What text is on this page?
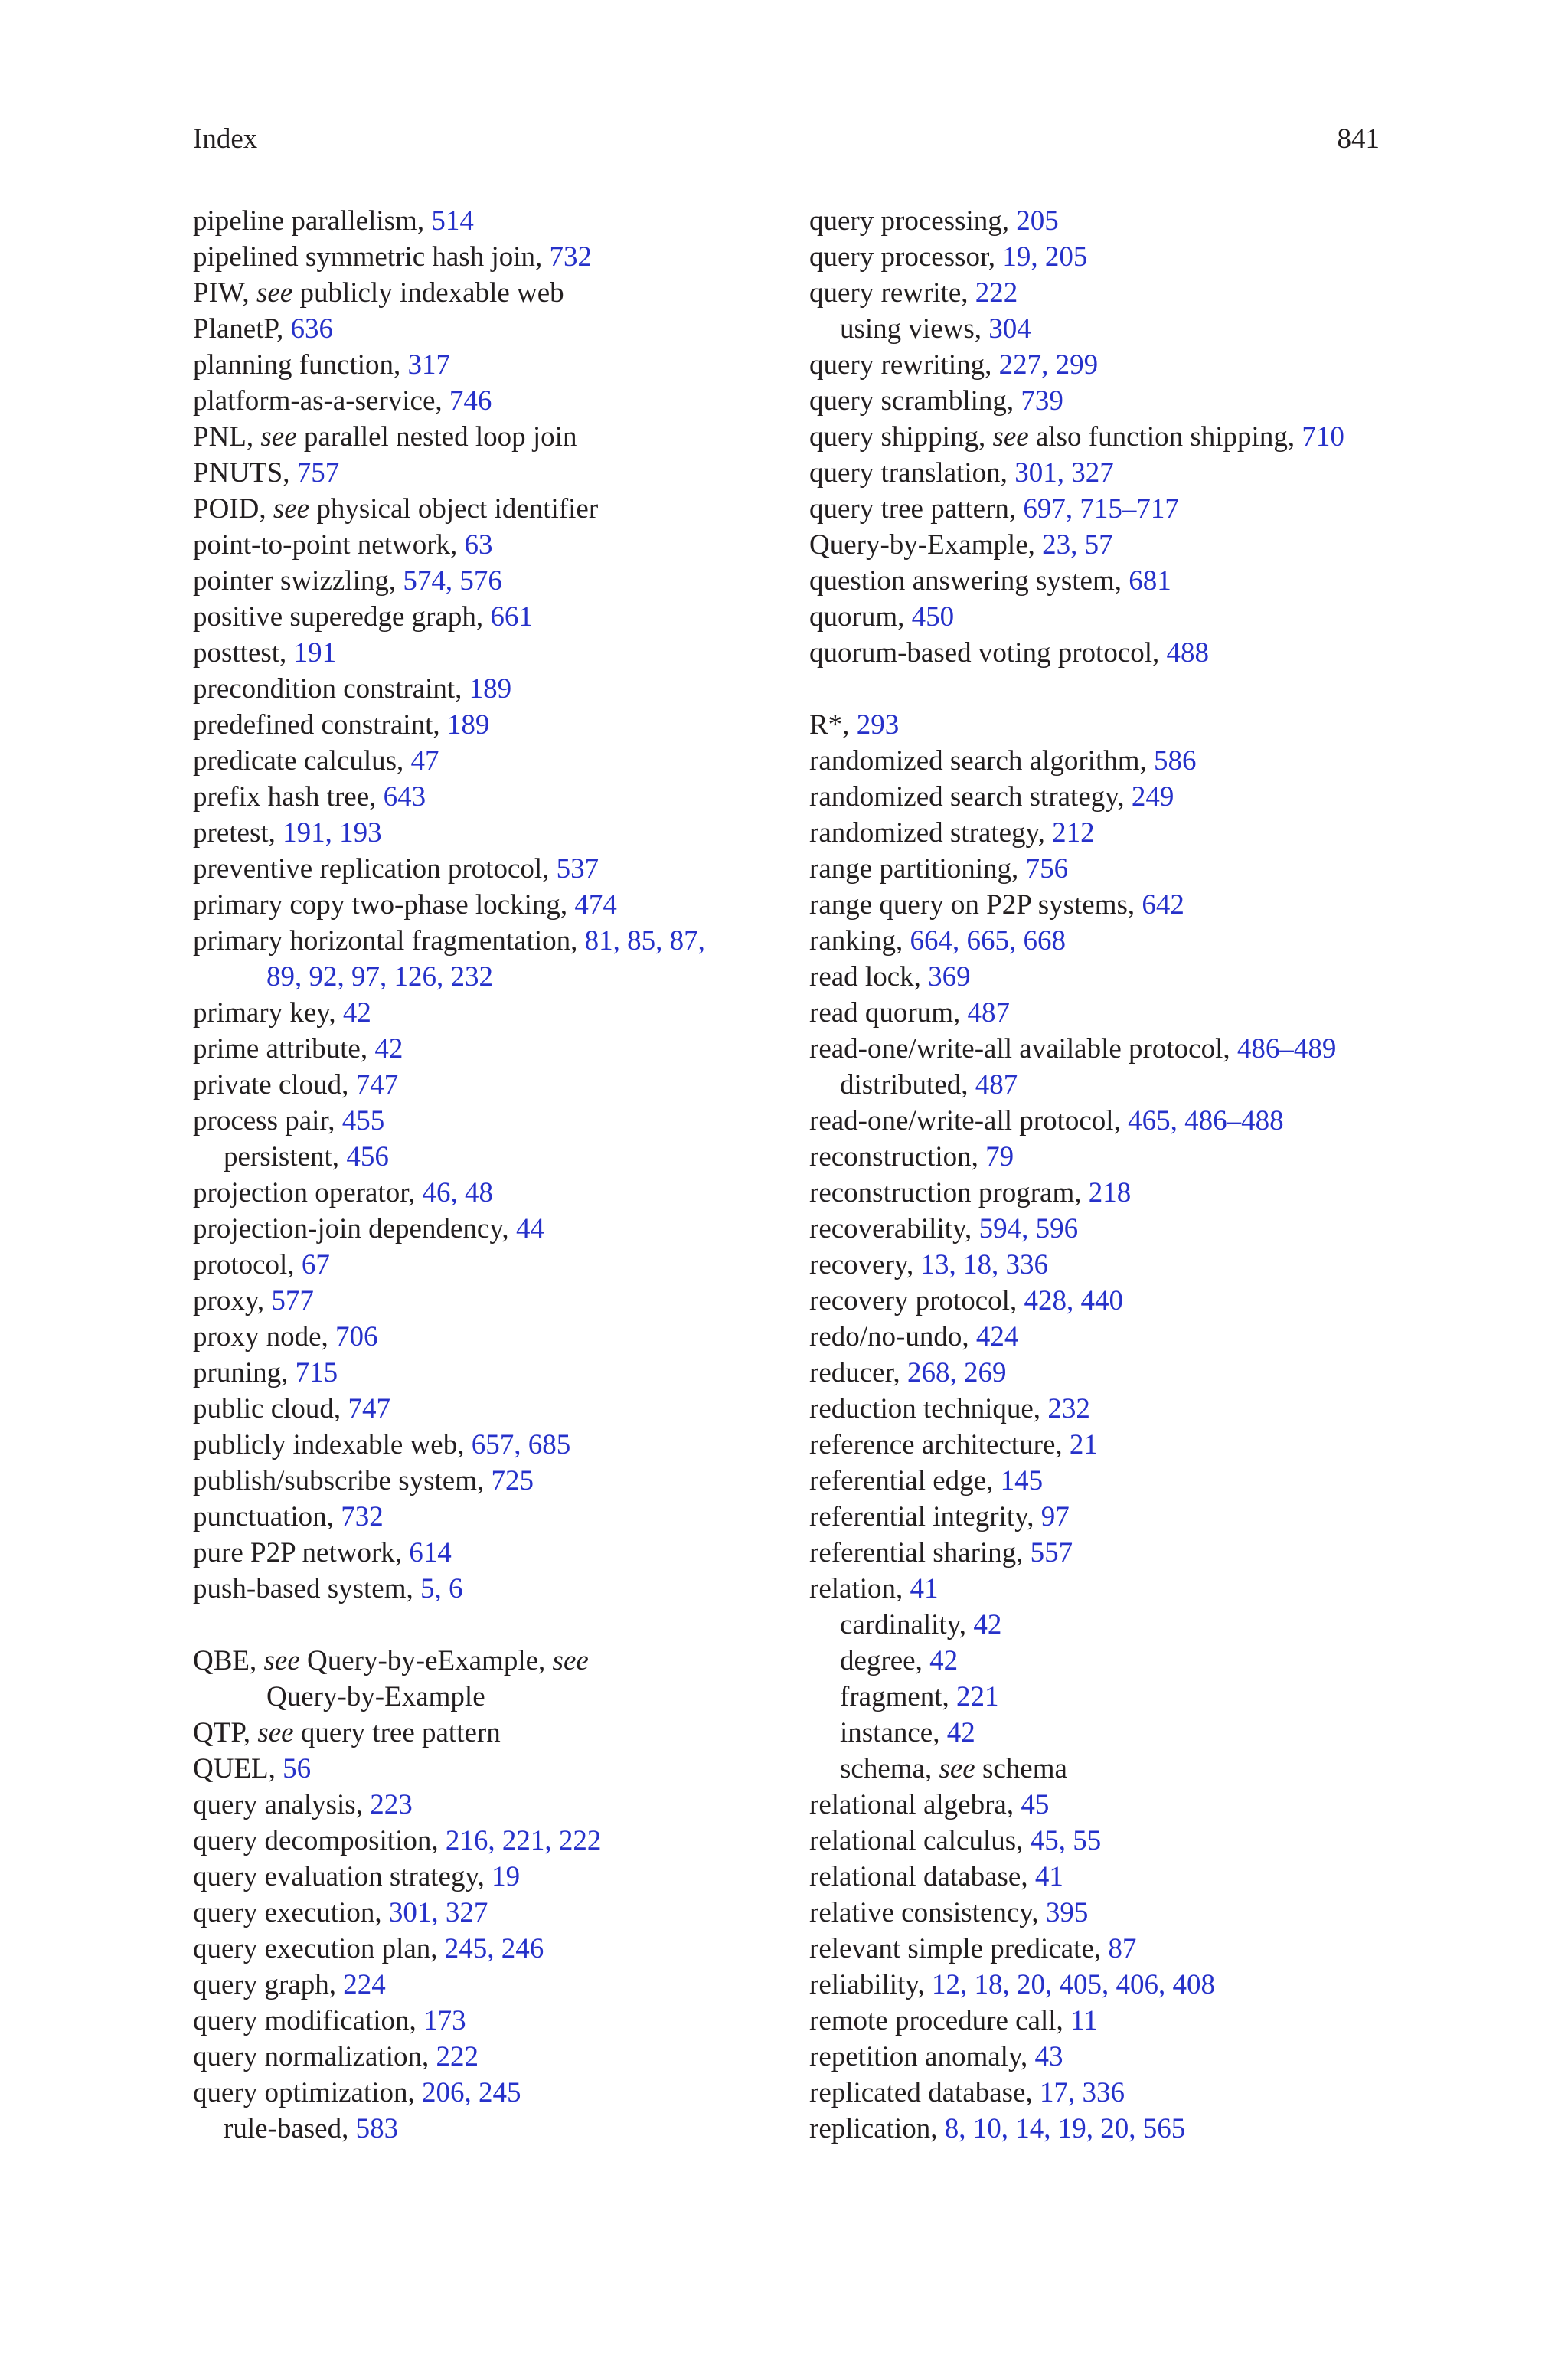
Index	841
pipeline parallelism, 514
pipelined symmetric hash join, 732
PIW, see publicly indexable web
PlanetP, 636
planning function, 317
platform-as-a-service, 746
PNL, see parallel nested loop join
PNUTS, 757
POID, see physical object identifier
point-to-point network, 63
pointer swizzling, 574, 576
positive superedge graph, 661
posttest, 191
precondition constraint, 189
predefined constraint, 189
predicate calculus, 47
prefix hash tree, 643
pretest, 191, 193
preventive replication protocol, 537
primary copy two-phase locking, 474
primary horizontal fragmentation, 81, 85, 87,
89, 92, 97, 126, 232
primary key, 42
prime attribute, 42
private cloud, 747
process pair, 455
persistent, 456
projection operator, 46, 48
projection-join dependency, 44
protocol, 67
proxy, 577
proxy node, 706
pruning, 715
public cloud, 747
publicly indexable web, 657, 685
publish/subscribe system, 725
punctuation, 732
pure P2P network, 614
push-based system, 5, 6
QBE, see Query-by-eExample, see
Query-by-Example
QTP, see query tree pattern
QUEL, 56
query analysis, 223
query decomposition, 216, 221, 222
query evaluation strategy, 19
query execution, 301, 327
query execution plan, 245, 246
query graph, 224
query modification, 173
query normalization, 222
query optimization, 206, 245
rule-based, 583
query processing, 205
query processor, 19, 205
query rewrite, 222
using views, 304
query rewriting, 227, 299
query scrambling, 739
query shipping, see also function shipping, 710
query translation, 301, 327
query tree pattern, 697, 715–717
Query-by-Example, 23, 57
question answering system, 681
quorum, 450
quorum-based voting protocol, 488
R*, 293
randomized search algorithm, 586
randomized search strategy, 249
randomized strategy, 212
range partitioning, 756
range query on P2P systems, 642
ranking, 664, 665, 668
read lock, 369
read quorum, 487
read-one/write-all available protocol, 486–489
distributed, 487
read-one/write-all protocol, 465, 486–488
reconstruction, 79
reconstruction program, 218
recoverability, 594, 596
recovery, 13, 18, 336
recovery protocol, 428, 440
redo/no-undo, 424
reducer, 268, 269
reduction technique, 232
reference architecture, 21
referential edge, 145
referential integrity, 97
referential sharing, 557
relation, 41
cardinality, 42
degree, 42
fragment, 221
instance, 42
schema, see schema
relational algebra, 45
relational calculus, 45, 55
relational database, 41
relative consistency, 395
relevant simple predicate, 87
reliability, 12, 18, 20, 405, 406, 408
remote procedure call, 11
repetition anomaly, 43
replicated database, 17, 336
replication, 8, 10, 14, 19, 20, 565
